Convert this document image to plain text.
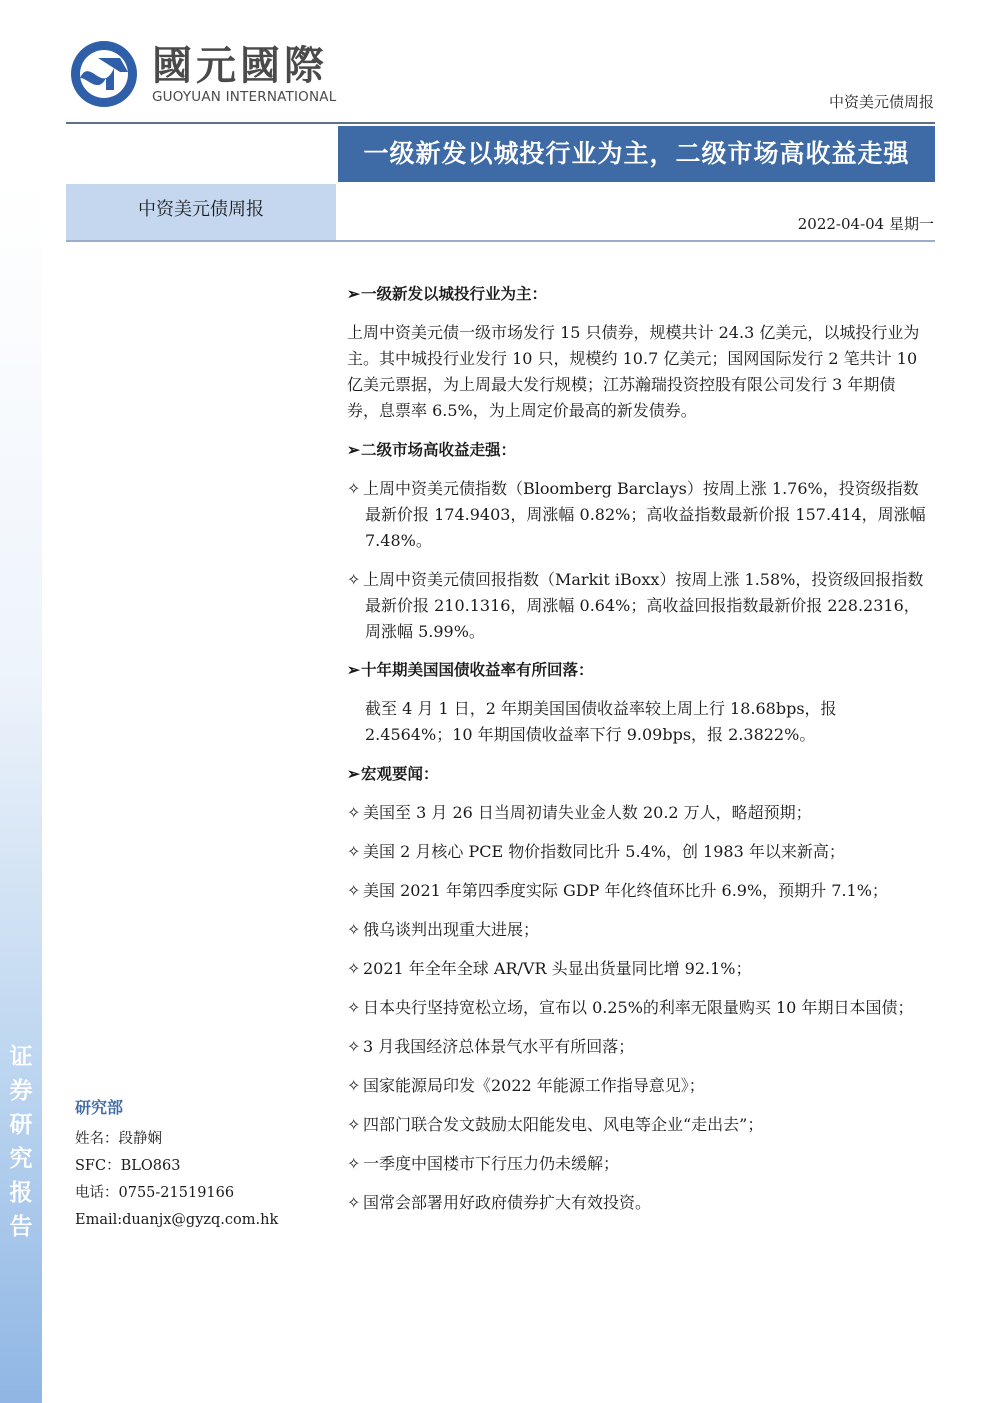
证
券
研
究
报
告
國元國際
GUOYUAN INTERNATIONAL	中资美元债周报
一级新发以城投行业为主，二级市场高收益走强
中资美元债周报
2022-04-04 星期一
➢一级新发以城投行业为主：
上周中资美元债一级市场发行 15 只债券，规模共计 24.3 亿美元，以城投行业为主。其中城投行业发行 10 只，规模约 10.7 亿美元；国网国际发行 2 笔共计 10 亿美元票据，为上周最大发行规模；江苏瀚瑞投资控股有限公司发行 3 年期债券，息票率 6.5%，为上周定价最高的新发债券。
➢二级市场高收益走强：
✧ 上周中资美元债指数（Bloomberg Barclays）按周上涨 1.76%，投资级指数最新价报 174.9403，周涨幅 0.82%；高收益指数最新价报 157.414，周涨幅 7.48%。
✧ 上周中资美元债回报指数（Markit iBoxx）按周上涨 1.58%，投资级回报指数最新价报 210.1316，周涨幅 0.64%；高收益回报指数最新价报 228.2316，周涨幅 5.99%。
➢十年期美国国债收益率有所回落：
截至 4 月 1 日，2 年期美国国债收益率较上周上行 18.68bps，报 2.4564%；10 年期国债收益率下行 9.09bps，报 2.3822%。
➢宏观要闻：
✧ 美国至 3 月 26 日当周初请失业金人数 20.2 万人，略超预期；
✧ 美国 2 月核心 PCE 物价指数同比升 5.4%，创 1983 年以来新高；
✧ 美国 2021 年第四季度实际 GDP 年化终值环比升 6.9%，预期升 7.1%；
✧ 俄乌谈判出现重大进展；
✧ 2021 年全年全球 AR/VR 头显出货量同比增 92.1%；
✧ 日本央行坚持宽松立场，宣布以 0.25%的利率无限量购买 10 年期日本国债；
✧ 3 月我国经济总体景气水平有所回落；
✧ 国家能源局印发《2022 年能源工作指导意见》；
✧ 四部门联合发文鼓励太阳能发电、风电等企业“走出去”；
✧ 一季度中国楼市下行压力仍未缓解；
✧ 国常会部署用好政府债券扩大有效投资。
研究部
姓名：段静娴
SFC：BLO863
电话：0755-21519166
Email:duanjx@gyzq.com.hk
